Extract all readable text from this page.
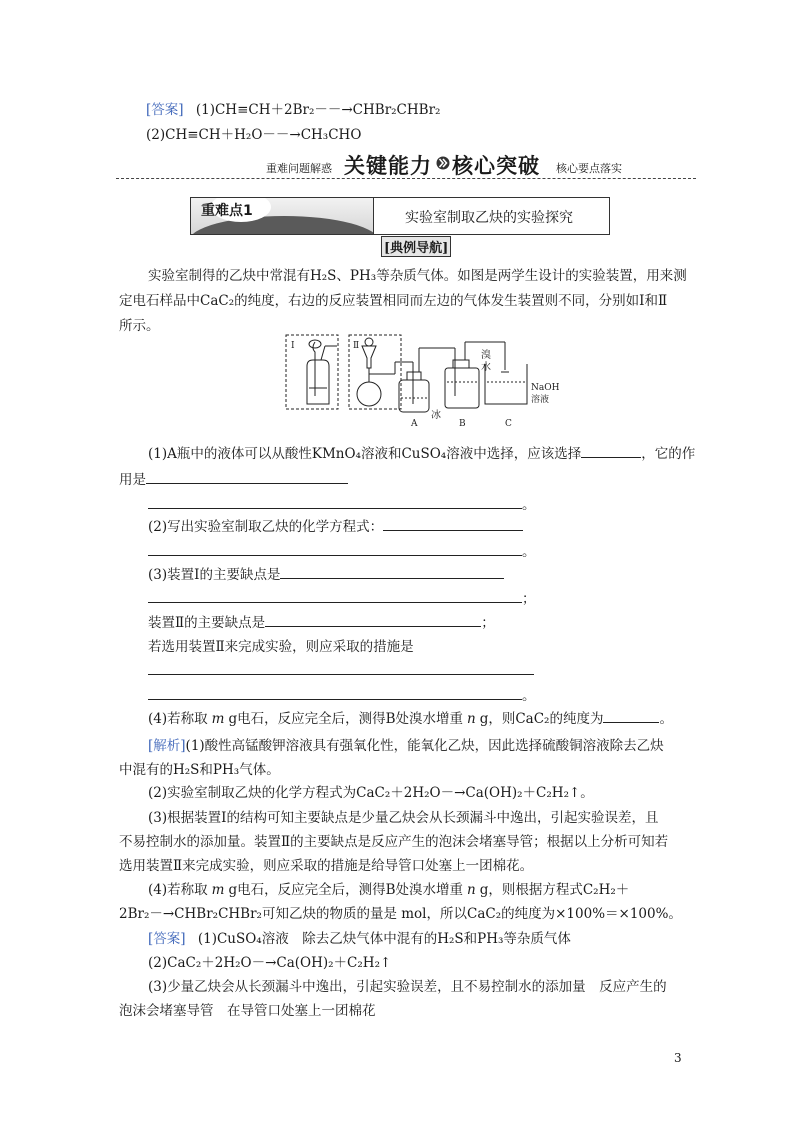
[答案] (1)CH≡CH＋2Br₂－－→CHBr₂CHBr₂
(2)CH≡CH＋H₂O－－→CH₃CHO
重难问题解惑 关键能力 核心突破 核心要点落实
重难点1	实验室制取乙炔的实验探究
[典例导航]
实验室制得的乙炔中常混有H₂S、PH₃等杂质气体。如图是两学生设计的实验装置，用来测
定电石样品中CaC₂的纯度，右边的反应装置相同而左边的气体发生装置则不同，分别如Ⅰ和Ⅱ
所示。
Ⅰ	Ⅱ
A	B	C
溴
水
冰
NaOH
溶液
(1)A瓶中的液体可以从酸性KMnO₄溶液和CuSO₄溶液中选择，应该选择	，它的作
用是
。
(2)写出实验室制取乙炔的化学方程式：
。
(3)装置Ⅰ的主要缺点是
；
装置Ⅱ的主要缺点是	；
若选用装置Ⅱ来完成实验，则应采取的措施是
。
(4)若称取 m g电石，反应完全后，测得B处溴水增重 n g，则CaC₂的纯度为	。
[解析](1)酸性高锰酸钾溶液具有强氧化性，能氧化乙炔，因此选择硫酸铜溶液除去乙炔
中混有的H₂S和PH₃气体。
(2)实验室制取乙炔的化学方程式为CaC₂＋2H₂O－→Ca(OH)₂＋C₂H₂↑。
(3)根据装置Ⅰ的结构可知主要缺点是少量乙炔会从长颈漏斗中逸出，引起实验误差，且
不易控制水的添加量。装置Ⅱ的主要缺点是反应产生的泡沫会堵塞导管；根据以上分析可知若
选用装置Ⅱ来完成实验，则应采取的措施是给导管口处塞上一团棉花。
(4)若称取 m g电石，反应完全后，测得B处溴水增重 n g，则根据方程式C₂H₂＋
2Br₂－→CHBr₂CHBr₂可知乙炔的物质的量是 mol，所以CaC₂的纯度为×100%＝×100%。
[答案] (1)CuSO₄溶液　除去乙炔气体中混有的H₂S和PH₃等杂质气体
(2)CaC₂＋2H₂O－→Ca(OH)₂＋C₂H₂↑
(3)少量乙炔会从长颈漏斗中逸出，引起实验误差，且不易控制水的添加量　反应产生的
泡沫会堵塞导管　在导管口处塞上一团棉花
3
